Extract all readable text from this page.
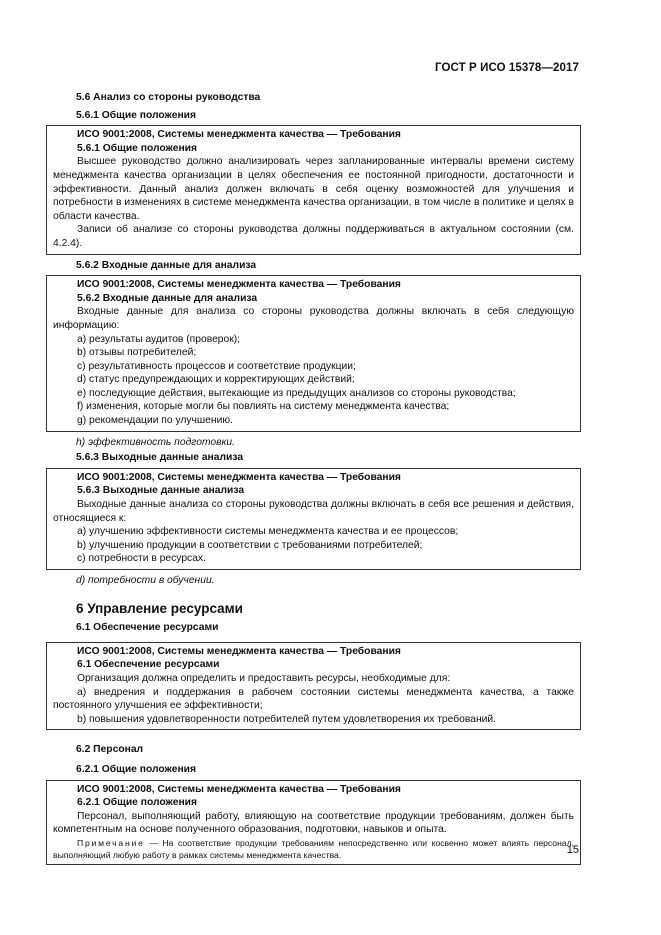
ГОСТ Р ИСО 15378—2017

5.6 Анализ со стороны руководства

5.6.1 Общие положения

ИСО 9001:2008, Системы менеджмента качества — Требования

5.6.1 Общие положения

Высшее руководство должно анализировать через запланированные интервалы времени систему менеджмента качества организации в целях обеспечения ее постоянной пригодности, достаточности и эффективности. Данный анализ должен включать в себя оценку возможностей для улучшения и потребности в изменениях в системе менеджмента качества организации, в том числе в политике и целях в области качества.

Записи об анализе со стороны руководства должны поддерживаться в актуальном состоянии (см. 4.2.4).

5.6.2 Входные данные для анализа

ИСО 9001:2008, Системы менеджмента качества — Требования

5.6.2 Входные данные для анализа

Входные данные для анализа со стороны руководства должны включать в себя следующую информацию:

a) результаты аудитов (проверок);

b) отзывы потребителей;

c) результативность процессов и соответствие продукции;

d) статус предупреждающих и корректирующих действий;

e) последующие действия, вытекающие из предыдущих анализов со стороны руководства;

f) изменения, которые могли бы повлиять на систему менеджмента качества;

g) рекомендации по улучшению.

h) эффективность подготовки.

5.6.3 Выходные данные анализа

ИСО 9001:2008, Системы менеджмента качества — Требования

5.6.3 Выходные данные анализа

Выходные данные анализа со стороны руководства должны включать в себя все решения и действия, относящиеся к:

a) улучшению эффективности системы менеджмента качества и ее процессов;

b) улучшению продукции в соответствии с требованиями потребителей;

c) потребности в ресурсах.

d) потребности в обучении.

6 Управление ресурсами

6.1 Обеспечение ресурсами

ИСО 9001:2008, Системы менеджмента качества — Требования

6.1 Обеспечение ресурсами

Организация должна определить и предоставить ресурсы, необходимые для:

a) внедрения и поддержания в рабочем состоянии системы менеджмента качества, а также постоянного улучшения ее эффективности;

b) повышения удовлетворенности потребителей путем удовлетворения их требований.

6.2 Персонал

6.2.1 Общие положения

ИСО 9001:2008, Системы менеджмента качества — Требования

6.2.1 Общие положения

Персонал, выполняющий работу, влияющую на соответствие продукции требованиям, должен быть компетентным на основе полученного образования, подготовки, навыков и опыта.

Примечание — На соответствие продукции требованиям непосредственно или косвенно может влиять персонал, выполняющий любую работу в рамках системы менеджмента качества.	15
